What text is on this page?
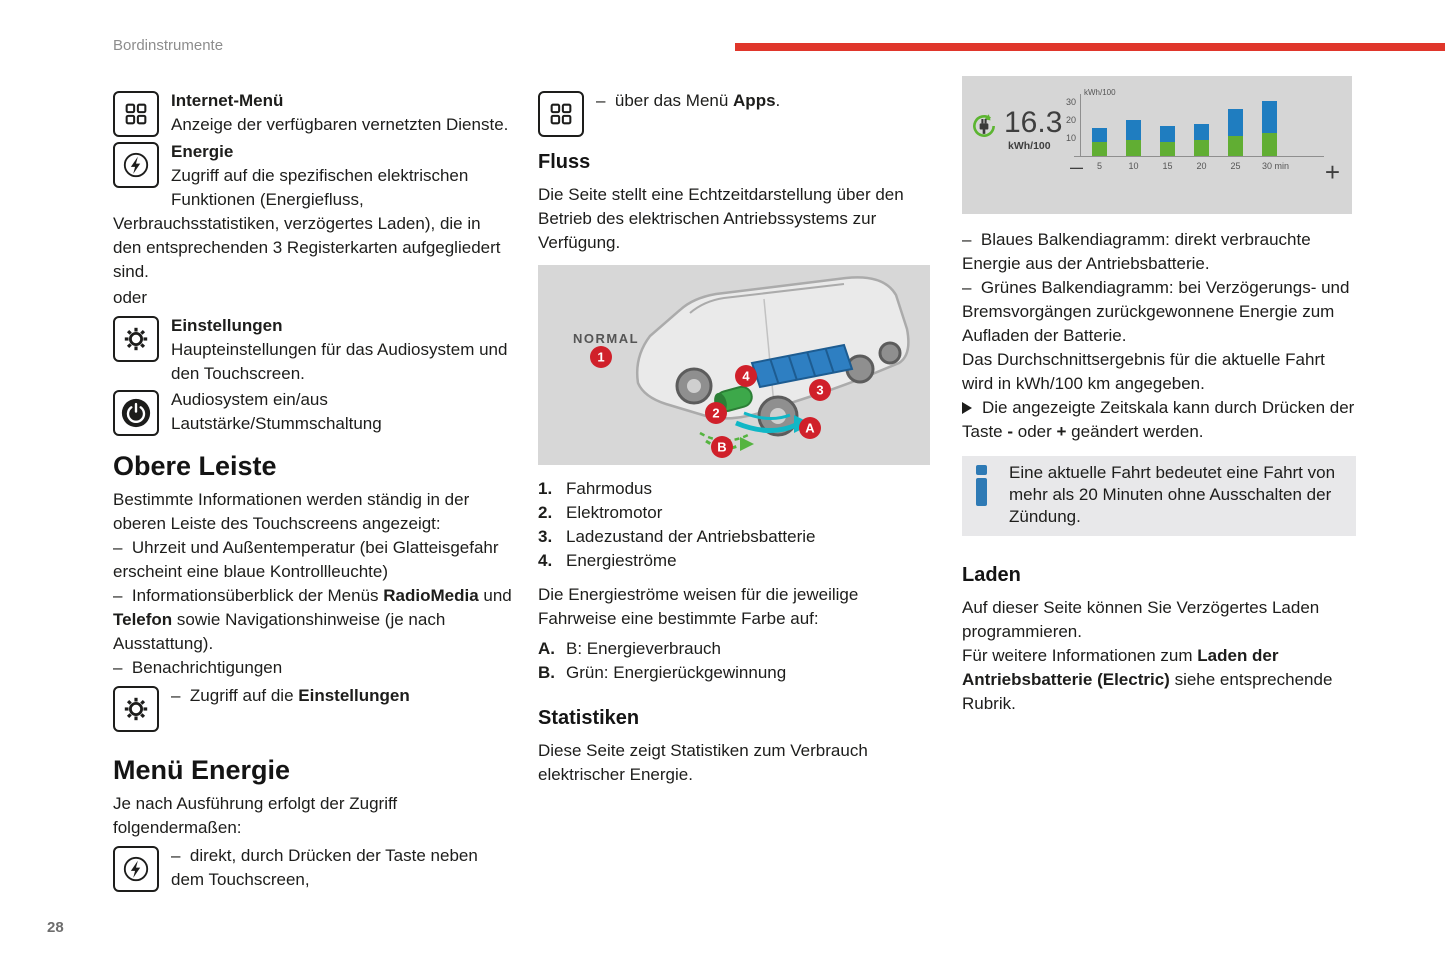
Bordinstrumente
28

Internet-Menü
Anzeige der verfügbaren vernetzten Dienste.

Energie
Zugriff auf die spezifischen elektrischen Funktionen (Energiefluss, Verbrauchsstatistiken, verzögertes Laden), die in den entsprechenden 3 Registerkarten aufgegliedert sind.

oder

Einstellungen
Haupteinstellungen für das Audiosystem und den Touchscreen.

Audiosystem ein/aus
Lautstärke/Stummschaltung

Obere Leiste

Bestimmte Informationen werden ständig in der oberen Leiste des Touchscreens angezeigt:

–  Uhrzeit und Außentemperatur (bei Glatteisgefahr erscheint eine blaue Kontrollleuchte)

–  Informationsüberblick der Menüs RadioMedia und Telefon sowie Navigationshinweise (je nach Ausstattung).

–  Benachrichtigungen

–  Zugriff auf die Einstellungen

Menü Energie

Je nach Ausführung erfolgt der Zugriff folgendermaßen:

–  direkt, durch Drücken der Taste neben dem Touchscreen,

–  über das Menü Apps.

Fluss

Die Seite stellt eine Echtzeitdarstellung über den Betrieb des elektrischen Antriebssystems zur Verfügung.

NORMAL
1
4
3
2
A
B
1. Fahrmodus
2. Elektromotor
3. Ladezustand der Antriebsbatterie
4. Energieströme

Die Energieströme weisen für die jeweilige Fahrweise eine bestimmte Farbe auf:

A. B: Energieverbrauch
B. Grün: Energierückgewinnung
Statistiken

Diese Seite zeigt Statistiken zum Verbrauch elektrischer Energie.

16.3
kWh/100
kWh/100
30
20
10
5	10	15	20	25 30 min
—	+

–  Blaues Balkendiagramm: direkt verbrauchte Energie aus der Antriebsbatterie.

–  Grünes Balkendiagramm: bei Verzögerungs- und Bremsvorgängen zurückgewonnene Energie zum Aufladen der Batterie.

Das Durchschnittsergebnis für die aktuelle Fahrt wird in kWh/100 km angegeben.

Die angezeigte Zeitskala kann durch Drücken der Taste - oder + geändert werden.

Eine aktuelle Fahrt bedeutet eine Fahrt von mehr als 20 Minuten ohne Ausschalten der Zündung.

Laden

Auf dieser Seite können Sie Verzögertes Laden programmieren.

Für weitere Informationen zum Laden der Antriebsbatterie (Electric) siehe entsprechende Rubrik.
